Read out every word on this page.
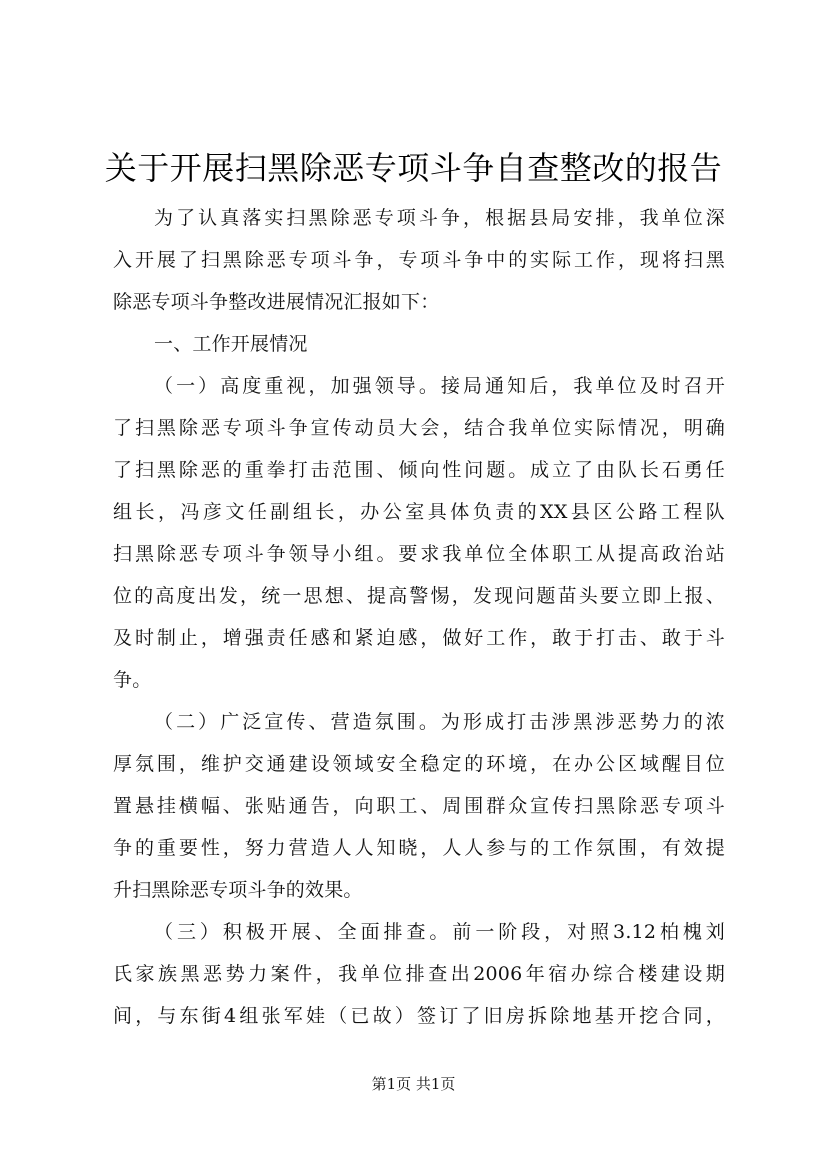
关于开展扫黑除恶专项斗争自查整改的报告
为了认真落实扫黑除恶专项斗争，根据县局安排，我单位深
入开展了扫黑除恶专项斗争，专项斗争中的实际工作，现将扫黑
除恶专项斗争整改进展情况汇报如下：
一、工作开展情况
（一）高度重视，加强领导。接局通知后，我单位及时召开
了扫黑除恶专项斗争宣传动员大会，结合我单位实际情况，明确
了扫黑除恶的重拳打击范围、倾向性问题。成立了由队长石勇任
组长，冯彦文任副组长，办公室具体负责的XX县区公路工程队
扫黑除恶专项斗争领导小组。要求我单位全体职工从提高政治站
位的高度出发，统一思想、提高警惕，发现问题苗头要立即上报、
及时制止，增强责任感和紧迫感，做好工作，敢于打击、敢于斗
争。
（二）广泛宣传、营造氛围。为形成打击涉黑涉恶势力的浓
厚氛围，维护交通建设领域安全稳定的环境，在办公区域醒目位
置悬挂横幅、张贴通告，向职工、周围群众宣传扫黑除恶专项斗
争的重要性，努力营造人人知晓，人人参与的工作氛围，有效提
升扫黑除恶专项斗争的效果。
（三）积极开展、全面排查。前一阶段，对照3.12柏槐刘
氏家族黑恶势力案件，我单位排查出2006年宿办综合楼建设期
间，与东街4组张军娃（已故）签订了旧房拆除地基开挖合同，
第1页 共1页
